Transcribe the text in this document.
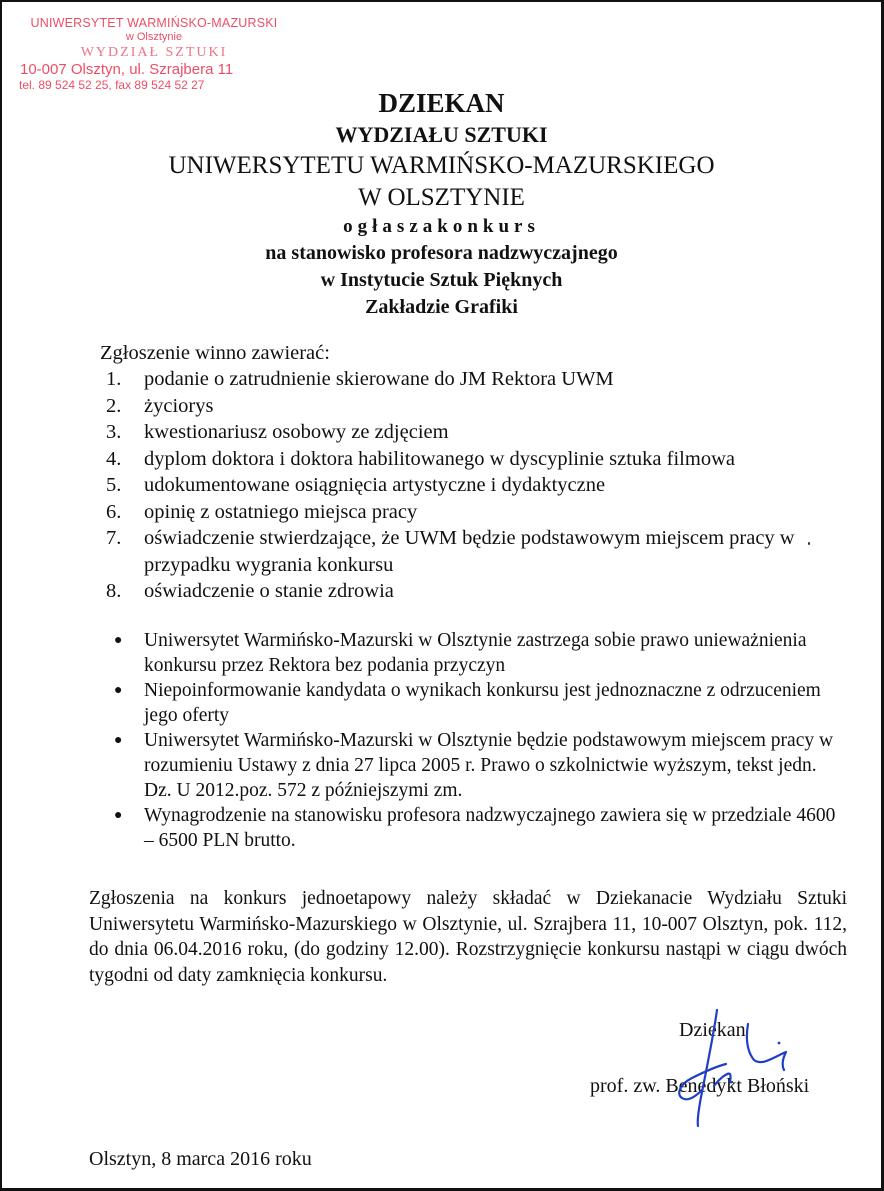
UNIWERSYTET WARMIŃSKO-MAZURSKI
w Olsztynie
WYDZIAŁ SZTUKI
10-007 Olsztyn, ul. Szrajbera 11
tel. 89 524 52 25, fax 89 524 52 27
DZIEKAN
WYDZIAŁU SZTUKI
UNIWERSYTETU WARMIŃSKO-MAZURSKIEGO
W OLSZTYNIE
ogłaszakonkurs
na stanowisko profesora nadzwyczajnego
w Instytucie Sztuk Pięknych
Zakładzie Grafiki
Zgłoszenie winno zawierać:
1.	podanie o zatrudnienie skierowane do JM Rektora UWM
2.	życiorys
3.	kwestionariusz osobowy ze zdjęciem
4.	dyplom doktora i doktora habilitowanego w dyscyplinie sztuka filmowa
5.	udokumentowane osiągnięcia artystyczne i dydaktyczne
6.	opinię z ostatniego miejsca pracy
7.	oświadczenie stwierdzające, że UWM będzie podstawowym miejscem pracy w przypadku wygrania konkursu
8.	oświadczenie o stanie zdrowia
●	Uniwersytet Warmińsko-Mazurski w Olsztynie zastrzega sobie prawo unieważnienia konkursu przez Rektora bez podania przyczyn
●	Niepoinformowanie kandydata o wynikach konkursu jest jednoznaczne z odrzuceniem jego oferty
●	Uniwersytet Warmińsko-Mazurski w Olsztynie będzie podstawowym miejscem pracy w rozumieniu Ustawy z dnia 27 lipca 2005 r. Prawo o szkolnictwie wyższym, tekst jedn. Dz. U 2012.poz. 572 z późniejszymi zm.
●	Wynagrodzenie na stanowisku profesora nadzwyczajnego zawiera się w przedziale 4600 – 6500 PLN brutto.
Zgłoszenia na konkurs jednoetapowy należy składać w Dziekanacie Wydziału Sztuki Uniwersytetu Warmińsko-Mazurskiego w Olsztynie, ul. Szrajbera 11, 10-007 Olsztyn, pok. 112, do dnia 06.04.2016 roku, (do godziny 12.00). Rozstrzygnięcie konkursu nastąpi w ciągu dwóch tygodni od daty zamknięcia konkursu.
Dziekan
prof. zw. Benedykt Błoński
Olsztyn, 8 marca 2016 roku
